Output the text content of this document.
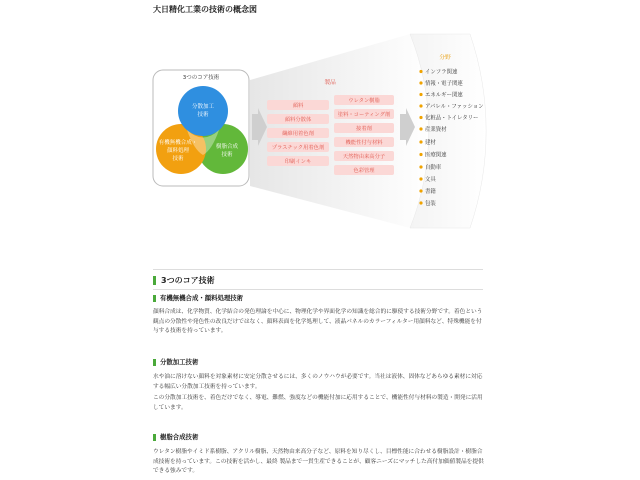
大日精化工業の技術の概念図
3つのコア技術
分散加工
技術
有機無機合成・
顔料処理
技術
樹脂合成
技術
製品
顔料
顔料分散体
繊維用着色剤
プラスチック用着色剤
印刷インキ
ウレタン樹脂
塗料・コーティング剤
接着剤
機能性付与材料
天然物由来高分子
色彩管理
分野
インフラ関連
情報・電子関連
エネルギー関連
アパレル・ファッション
化粧品・トイレタリー
産業資材
建材
医療関連
自動車
文具
書籍
包装
3つのコア技術
有機無機合成・顔料処理技術

顔料合成は、化学物質、化学結合の発色理論を中心に、物理化学や界面化学の知識を総合的に駆使する技術分野です。着色という観点の分散性や発色性の改良だけではなく、顔料表面を化学処理して、液晶パネルのカラーフィルター用顔料など、特殊機能を付与する技術を持っています。

分散加工技術

水や油に溶けない顔料を対象素材に安定分散させるには、多くのノウハウが必要です。当社は液体、固体などあらゆる素材に対応する幅広い分散加工技術を持っています。

この分散加工技術を、着色だけでなく、導電、難燃、強度などの機能付加に応用することで、機能性付与材料の製造・開発に活用しています。

樹脂合成技術

ウレタン樹脂やイミド系樹脂、アクリル樹脂、天然物由来高分子など、原料を知り尽くし、目標性能に合わせる樹脂設計・樹脂合成技術を持っています。この技術を活かし、最終 製品まで一貫生産できることが、顧客ニーズにマッチした高付加価値製品を提供できる強みです。
